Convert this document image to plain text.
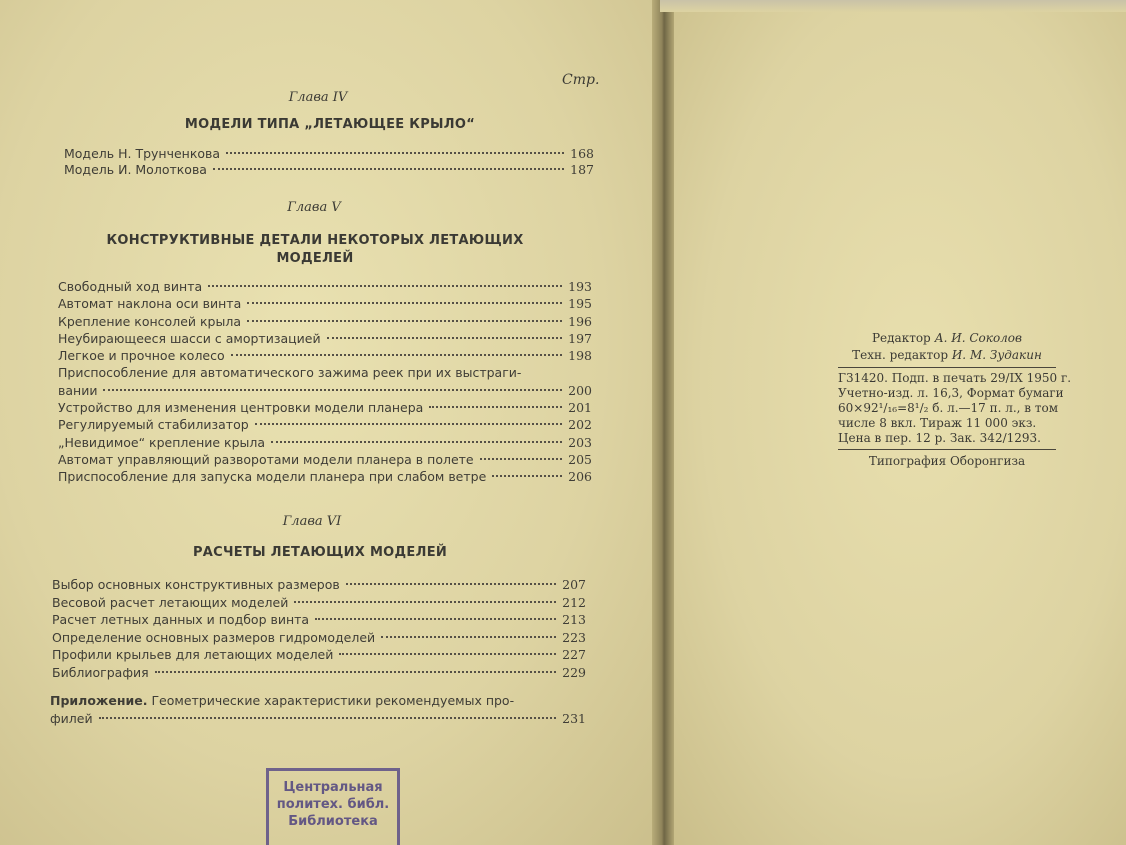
Стр.
Глава IV
МОДЕЛИ ТИПА „ЛЕТАЮЩЕЕ КРЫЛО“
Модель Н. Трунченкова	168
Модель И. Молоткова	187
Глава V
КОНСТРУКТИВНЫЕ ДЕТАЛИ НЕКОТОРЫХ ЛЕТАЮЩИХ
МОДЕЛЕЙ
Свободный ход винта	193
Автомат наклона оси винта	195
Крепление консолей крыла	196
Неубирающееся шасси с амортизацией	197
Легкое и прочное колесо	198
Приспособление для автоматического зажима реек при их выстраги-
вании	200
Устройство для изменения центровки модели планера	201
Регулируемый стабилизатор	202
„Невидимое“ крепление крыла	203
Автомат управляющий разворотами модели планера в полете	205
Приспособление для запуска модели планера при слабом ветре	206
Глава VI
РАСЧЕТЫ ЛЕТАЮЩИХ МОДЕЛЕЙ
Выбор основных конструктивных размеров	207
Весовой расчет летающих моделей	212
Расчет летных данных и подбор винта	213
Определение основных размеров гидромоделей	223
Профили крыльев для летающих моделей	227
Библиография	229
Приложение. Геометрические характеристики рекомендуемых про-
филей	231
Центральная
политех. библ.
Библиотека
Редактор А. И. Соколов
Техн. редактор И. М. Зудакин
Г31420. Подп. в печать 29/IX 1950 г.
Учетно-изд. л. 16,3, Формат бумаги
60×92¹/₁₆=8¹/₂ б. л.—17 п. л., в том
числе 8 вкл. Тираж 11 000 экз.
Цена в пер. 12 р. Зак. 342/1293.
Типография Оборонгиза
